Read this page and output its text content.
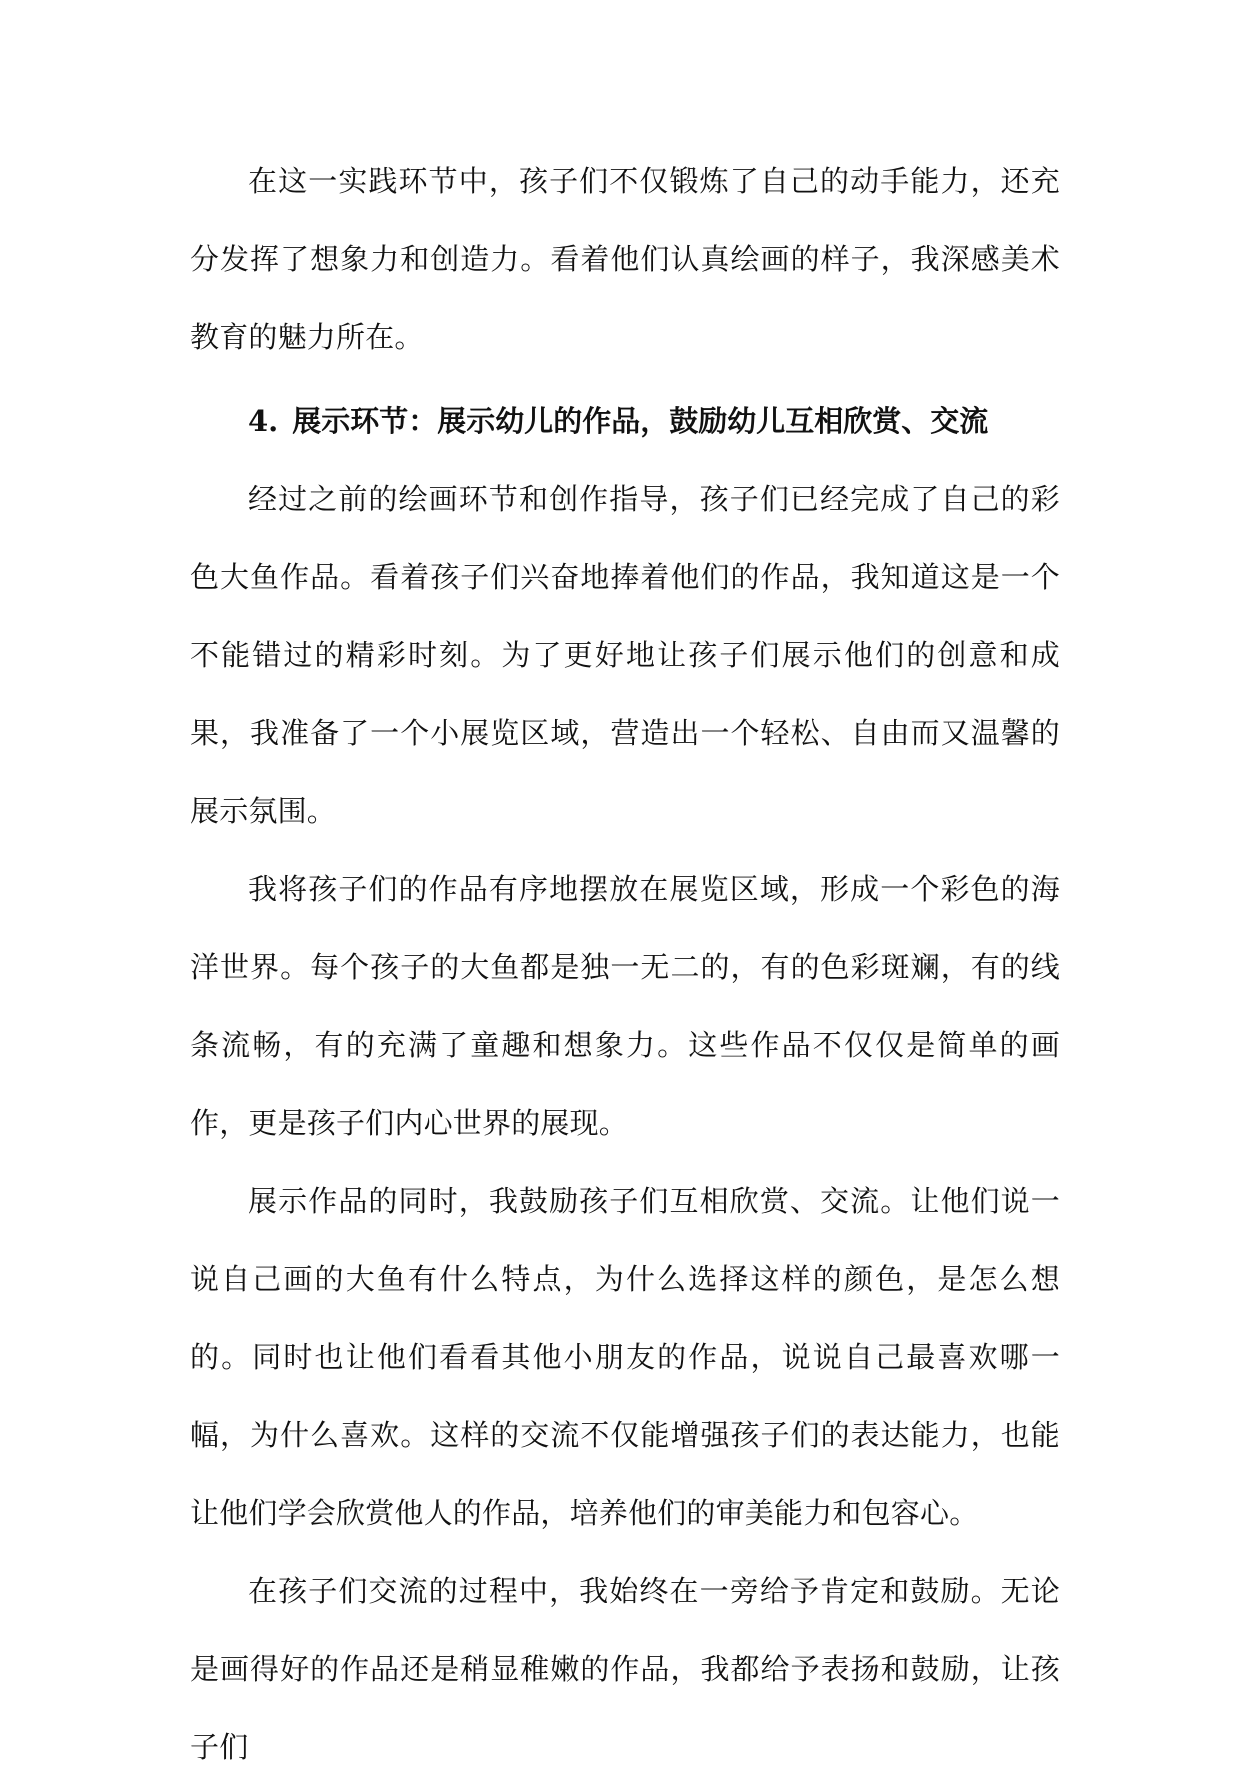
在这一实践环节中，孩子们不仅锻炼了自己的动手能力，还充分发挥了想象力和创造力。看着他们认真绘画的样子，我深感美术教育的魅力所在。

4. 展示环节：展示幼儿的作品，鼓励幼儿互相欣赏、交流

经过之前的绘画环节和创作指导，孩子们已经完成了自己的彩色大鱼作品。看着孩子们兴奋地捧着他们的作品，我知道这是一个不能错过的精彩时刻。为了更好地让孩子们展示他们的创意和成果，我准备了一个小展览区域，营造出一个轻松、自由而又温馨的展示氛围。

我将孩子们的作品有序地摆放在展览区域，形成一个彩色的海洋世界。每个孩子的大鱼都是独一无二的，有的色彩斑斓，有的线条流畅，有的充满了童趣和想象力。这些作品不仅仅是简单的画作，更是孩子们内心世界的展现。

展示作品的同时，我鼓励孩子们互相欣赏、交流。让他们说一说自己画的大鱼有什么特点，为什么选择这样的颜色，是怎么想的。同时也让他们看看其他小朋友的作品，说说自己最喜欢哪一幅，为什么喜欢。这样的交流不仅能增强孩子们的表达能力，也能让他们学会欣赏他人的作品，培养他们的审美能力和包容心。

在孩子们交流的过程中，我始终在一旁给予肯定和鼓励。无论是画得好的作品还是稍显稚嫩的作品，我都给予表扬和鼓励，让孩子们
